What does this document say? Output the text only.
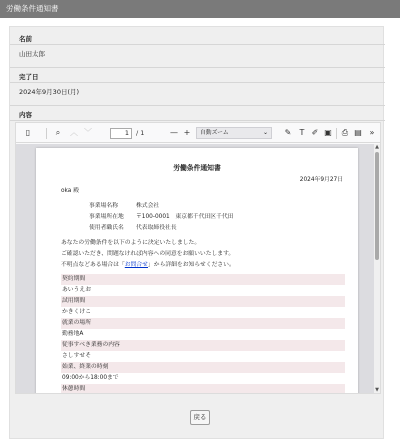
労働条件通知書
名前
山田太郎
完了日
2024年9月30日(月)
内容
▯	⌕	︿ ﹀	1	/ 1	— +	自動ズーム	⌄	✎	T ✐ ▣	⎙ ▤ »
労働条件通知書
2024年9月27日
oka 殿
事業場名称	株式会社
事業場所在地 〒100-0001　東京都千代田区千代田
使用者職氏名 代表取締役社長
あなたの労働条件を以下のように決定いたしました。
ご確認いただき、問題なければ内容への同意をお願いいたします。
不明点などある場合は「お問合せ」から詳細をお知らせください。
契約期間
あいうえお
試用期間
かきくけこ
就業の場所
勤務地A
従事すべき業務の内容
さしすせそ
始業、終業の時刻
09:00から18:00まで
休憩時間
▲
▼
戻る
